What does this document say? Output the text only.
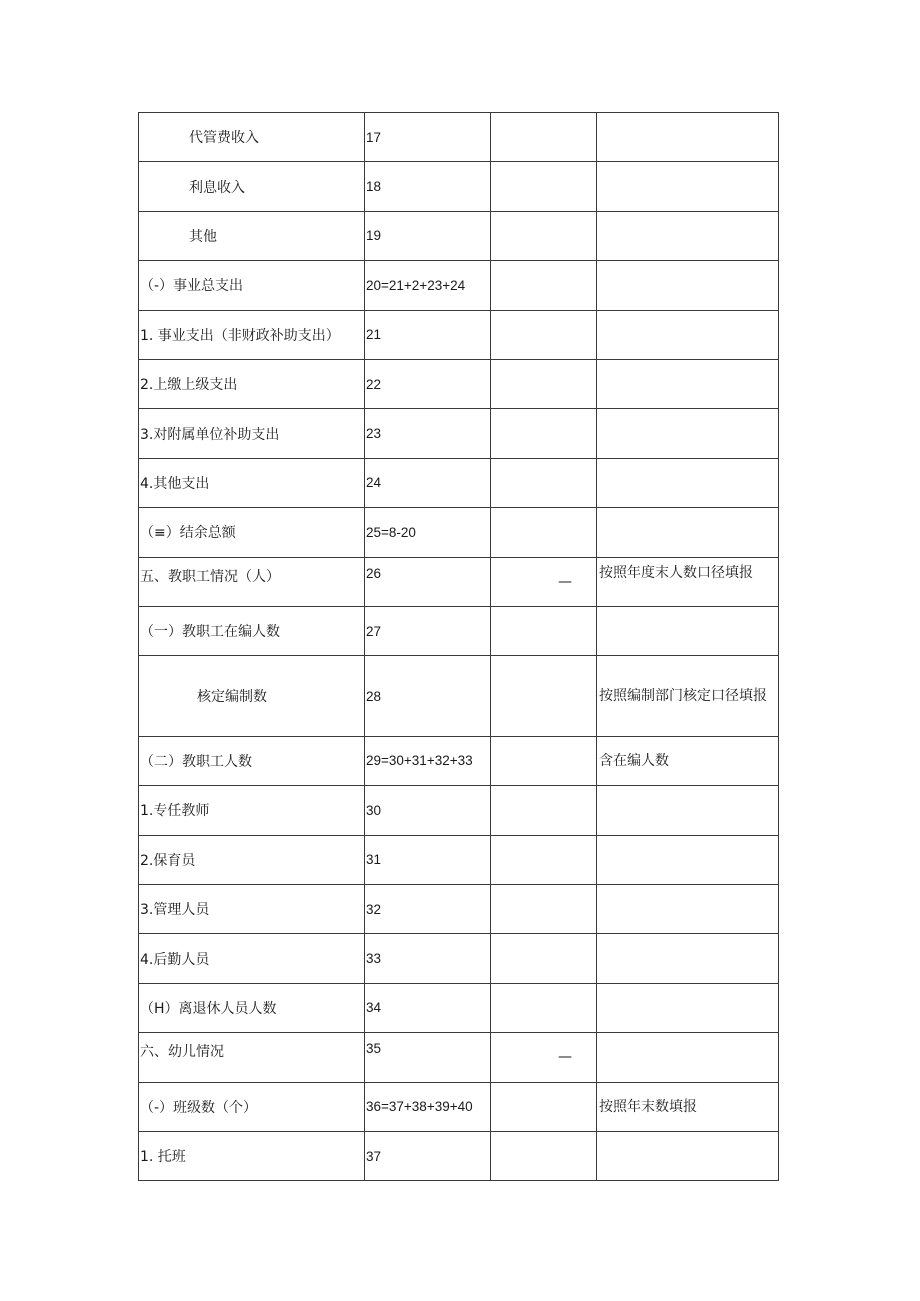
代管费收入	17		
利息收入	18		
其他	19		
（-）事业总支出	20=21+2+23+24		
1. 事业支出（非财政补助支出）	21		
2.上缴上级支出	22		
3.对附属单位补助支出	23		
4.其他支出	24		
（≡）结余总额	25=8-20		
五、教职工情况（人）	26	—	按照年度末人数口径填报
（一）教职工在编人数	27		
核定编制数	28		按照编制部门核定口径填报
（二）教职工人数	29=30+31+32+33		含在编人数
1.专任教师	30		
2.保育员	31		
3.管理人员	32		
4.后勤人员	33		
（H）离退休人员人数	34		
六、幼儿情况	35	—	
（-）班级数（个）	36=37+38+39+40		按照年末数填报
1. 托班	37		
